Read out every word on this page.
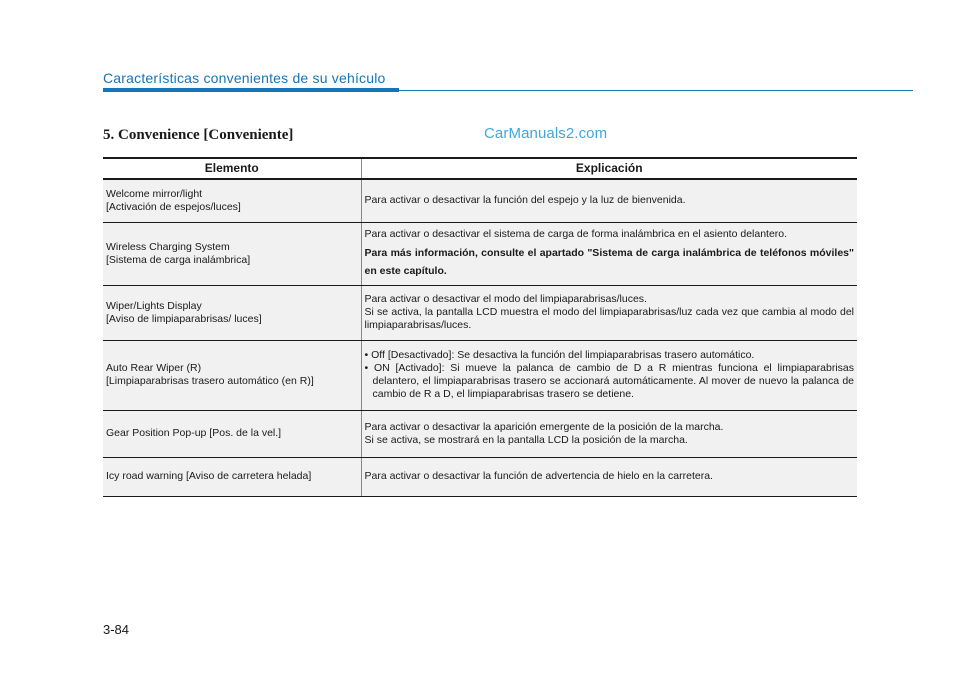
Características convenientes de su vehículo
5. Convenience [Conveniente]	CarManuals2.com
Elemento	Explicación

Welcome mirror/light
[Activación de espejos/luces]	Para activar o desactivar la función del espejo y la luz de bienvenida.

Wireless Charging System
[Sistema de carga inalámbrica]	Para activar o desactivar el sistema de carga de forma inalámbrica en el asiento delantero.
Para más información, consulte el apartado "Sistema de carga inalámbrica de teléfonos móviles" en este capítulo.

Wiper/Lights Display
[Aviso de limpiaparabrisas/ luces]	Para activar o desactivar el modo del limpiaparabrisas/luces.
Si se activa, la pantalla LCD muestra el modo del limpiaparabrisas/luz cada vez que cambia al modo del limpiaparabrisas/luces.

Auto Rear Wiper (R)
[Limpiaparabrisas trasero automático (en R)]	• Off [Desactivado]: Se desactiva la función del limpiaparabrisas trasero automático.
• ON [Activado]: Si mueve la palanca de cambio de D a R mientras funciona el limpiaparabrisas delantero, el limpiaparabrisas trasero se accionará automáticamente. Al mover de nuevo la palanca de cambio de R a D, el limpiaparabrisas trasero se detiene.

Gear Position Pop-up [Pos. de la vel.]	Para activar o desactivar la aparición emergente de la posición de la marcha.
Si se activa, se mostrará en la pantalla LCD la posición de la marcha.

Icy road warning [Aviso de carretera helada]	Para activar o desactivar la función de advertencia de hielo en la carretera.
3-84
